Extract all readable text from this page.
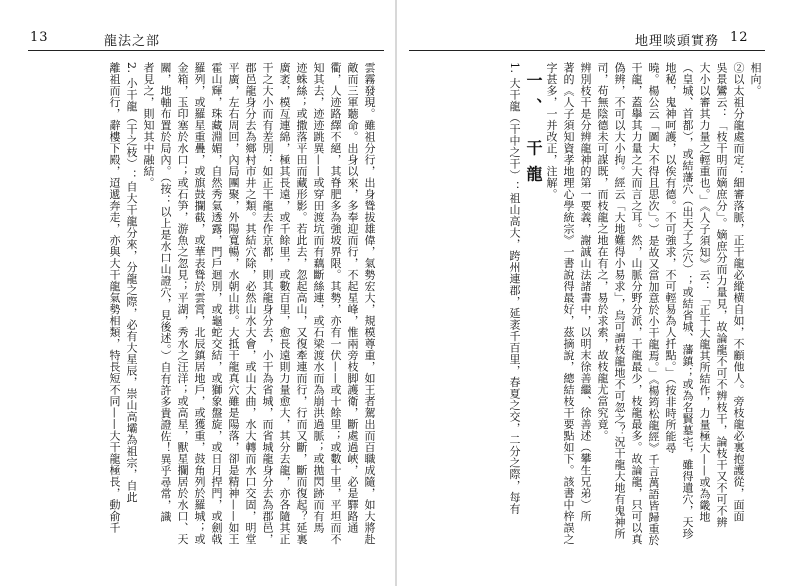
13	龍法之部

雲霧發現。雖祖分行，出身聳拔雄偉，氣勢宏大，規模尊重，如王者駕出而百職成隨，如大將赴

敵而三軍聽命。出身以來，多奉迎而行，不起星峰，惟兩旁枝脚護衛，斷處過峽，必是驛路通

衢，人迹路繹不絕，其脊肥多為強坡界限。其勢，亦有一伏——或十餘里；或數十里，平坦而不

知其去，迹迹跳異——或穿田渡坑而有藕斷絲連，或石梁渡水而為崩洪過脈；或拋閃跡而有馬

迹蛛絲；或撒落平田而藏形影。若此去，忽起高山，又復牽連而行，行而又斷，斷而復起？延裏

廣袤，模亙連綿，極其長遠，或千餘里，或數百里，愈長遠則力量愈大，其分去龍，亦各隨其正

干之大小而有差別：如正干龍去作京都，則其龍身分去，小干為省城，而省城龍身分去為郡邑，

郡邑龍身分去為鄉村市井之類。其結穴除，必然山水大會，或山大曲，水大轉而水口交固，明堂

平廣，左右周回，內局團聚，外陽寬暢，水朝山拱。大抵干龍真穴雖是陽落，卻是精神——如王

霍山輝，珠藏淵媚，自然秀氣透露，門戶迴別，或龜蛇交結，或獅象盤旋，或日月捍門，或劍戟

羅列，或羅星重疊，或旗鼓攔截，或華表聳於雲霄，北辰鎮居地戶，或獲重，鼓角列於羅城；或

金箱，玉印塞於水口；或石笋，游魚之忽見；平湖，秀水之汪洋；或高星，獸星攔居於水口、天

關，地軸布置於局內。（按：以上是水口山證穴，見後述。）自有許多貴證佐！異乎尋常，識

者見之，則知其中融結。

2. 小干龍（干之枝）：自大干龍分來，分龍之際，必有大星辰，崇山高壩為祖宗，自此

離祖而行，辭樓下殿，迢遞奔走，亦與大干龍氣勢相類，特長短不同——大干龍極長，動俞千

地理啖頭實務 12

相向。

②以太祖分龍處而定：細審落脈，正干龍必縱横自如，不顧他人。旁枝龍必裏抱護從，面面

吳景鸞云：「枝干明而嫡庶分」。嫡庶分而力量見，故論龍不可不辨枝干，論枝干又不可不辨

大小以審其力量之輕重也。」《人子須知》云：「正干大龍其所結作，力量極大——或為畿地

（皇城、首都），或結藩穴（出天子之穴）；或結省城、藩鎮；或為名賢墓宅，雖得遺穴，天珍

地秘，鬼神呵護，以俟有德。不可強求，不可輕易為人扦點。」（按非時所能尋

曉。楊公云「圖大不得且思次」。）是故又當加意於小干龍焉。」《楊筠松龍經》千言萬語皆歸重於

干龍，蓋擧其力量之大而言之耳。然，山脈分野分派，干龍最少，枝龍最多。故論龍，只可以真

偽辨，不可以大小拘。經云「大地難得小易求」，烏可謂枝龍地不可忽之？況干龍大地有鬼神所

司，苟無陰德未可謀既，而枝龍之地在有之，易於求索，故枝龍尤當究竟。

辨別枝干是分辨龍神的第一要義，謝誠山法諸書中，以明末徐善繼、徐善述（攀生兄弟）所

著的《人子須知資孝地理心學統宗》一書說得最好，茲摘說，總結枝干要點如下。該書中梓誤之

字甚多，一并改正，注解。

一、 干龍

1. 大干龍（干中之干）：祖山高大，跨州連郡，延袤千百里，春夏之交，二分之際，每有
